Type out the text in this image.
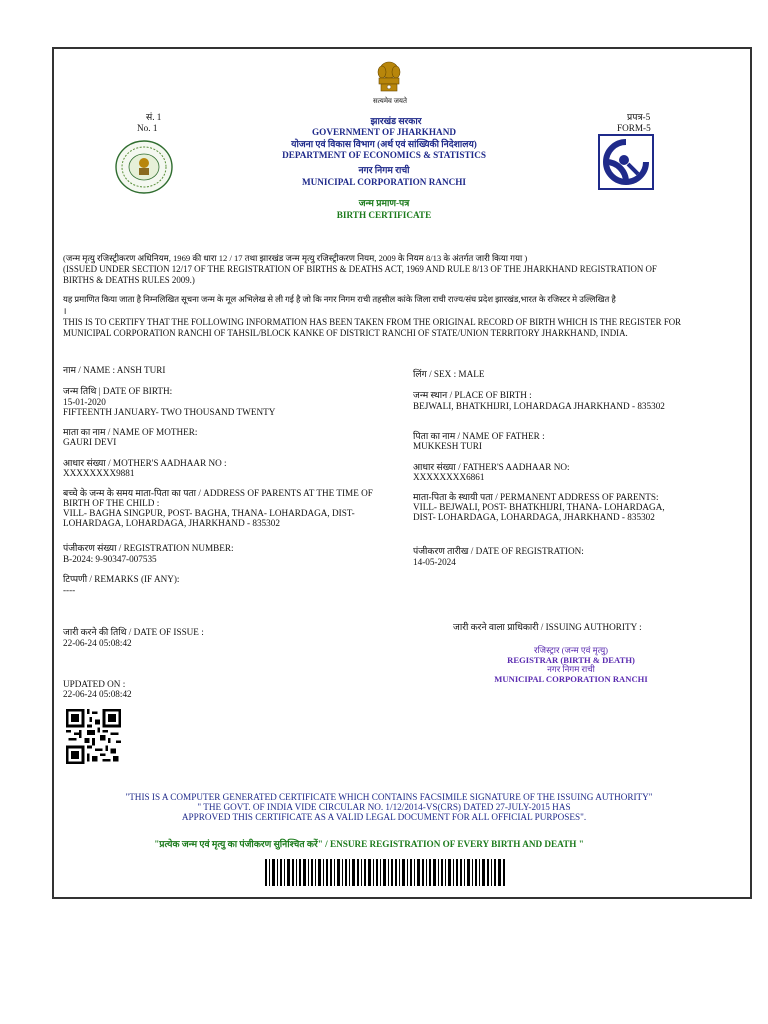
सत्यमेव जयते
सं. 1
No. 1
प्रपत्र-5
FORM-5
झारखंड सरकार
GOVERNMENT OF JHARKHAND
योजना एवं विकास विभाग (अर्थ एवं सांख्यिकी निदेशालय)
DEPARTMENT OF ECONOMICS & STATISTICS
नगर निगम राची
MUNICIPAL CORPORATION RANCHI
जन्म प्रमाण-पत्र
BIRTH CERTIFICATE
(जन्म मृत्यु रजिस्ट्रीकरण अधिनियम, 1969 की धारा 12 / 17 तथा झारखंड जन्म मृत्यु रजिस्ट्रीकरण नियम, 2009 के नियम 8/13 के अंतर्गत जारी किया गया )
(ISSUED UNDER SECTION 12/17 OF THE REGISTRATION OF BIRTHS & DEATHS ACT, 1969 AND RULE 8/13 OF THE JHARKHAND REGISTRATION OF
BIRTHS & DEATHS RULES 2009.)
यह प्रमाणित किया जाता है निम्नलिखित सूचना जन्म के मूल अभिलेख से ली गई है जो कि नगर निगम राची तहसील कांके जिला राची राज्य/संघ प्रदेश झारखंड,भारत के रजिस्टर मे उल्लिखित है
।
THIS IS TO CERTIFY THAT THE FOLLOWING INFORMATION HAS BEEN TAKEN FROM THE ORIGINAL RECORD OF BIRTH WHICH IS THE REGISTER FOR
MUNICIPAL CORPORATION RANCHI OF TAHSIL/BLOCK KANKE OF DISTRICT RANCHI OF STATE/UNION TERRITORY JHARKHAND, INDIA.
नाम / NAME : ANSH TURI
जन्म तिथि | DATE OF BIRTH:
15-01-2020
FIFTEENTH JANUARY- TWO THOUSAND TWENTY
माता का नाम / NAME OF MOTHER:
GAURI DEVI
आधार संख्या / MOTHER'S AADHAAR NO :
XXXXXXXX9881
बच्चे के जन्म के समय माता-पिता का पता / ADDRESS OF PARENTS AT THE TIME OF
BIRTH OF THE CHILD :
VILL- BAGHA SINGPUR, POST- BAGHA, THANA- LOHARDAGA, DIST-
LOHARDAGA, LOHARDAGA, JHARKHAND - 835302
पंजीकरण संख्या / REGISTRATION NUMBER:
B-2024: 9-90347-007535
टिप्पणी / REMARKS (IF ANY):
----
जारी करने की तिथि / DATE OF ISSUE :
22-06-24 05:08:42
UPDATED ON :
22-06-24 05:08:42
लिंग / SEX : MALE
जन्म स्थान / PLACE OF BIRTH :
BEJWALI, BHATKHIJRI, LOHARDAGA JHARKHAND - 835302
पिता का नाम / NAME OF FATHER :
MUKKESH TURI
आधार संख्या / FATHER'S AADHAAR NO:
XXXXXXXX6861
माता-पिता के स्थायी पता / PERMANENT ADDRESS OF PARENTS:
VILL- BEJWALI, POST- BHATKHIJRI, THANA- LOHARDAGA,
DIST- LOHARDAGA, LOHARDAGA, JHARKHAND - 835302
पंजीकरण तारीख / DATE OF REGISTRATION:
14-05-2024
जारी करने वाला प्राधिकारी / ISSUING AUTHORITY :
रजिस्ट्रार (जन्म एवं मृत्यु)
REGISTRAR (BIRTH & DEATH)
नगर निगम राची
MUNICIPAL CORPORATION RANCHI
"THIS IS A COMPUTER GENERATED CERTIFICATE WHICH CONTAINS FACSIMILE SIGNATURE OF THE ISSUING AUTHORITY"
" THE GOVT. OF INDIA VIDE CIRCULAR NO. 1/12/2014-VS(CRS) DATED 27-JULY-2015 HAS
APPROVED THIS CERTIFICATE AS A VALID LEGAL DOCUMENT FOR ALL OFFICIAL PURPOSES".
"प्रत्येक जन्म एवं मृत्यु का पंजीकरण सुनिश्चित करें" / ENSURE REGISTRATION OF EVERY BIRTH AND DEATH "
